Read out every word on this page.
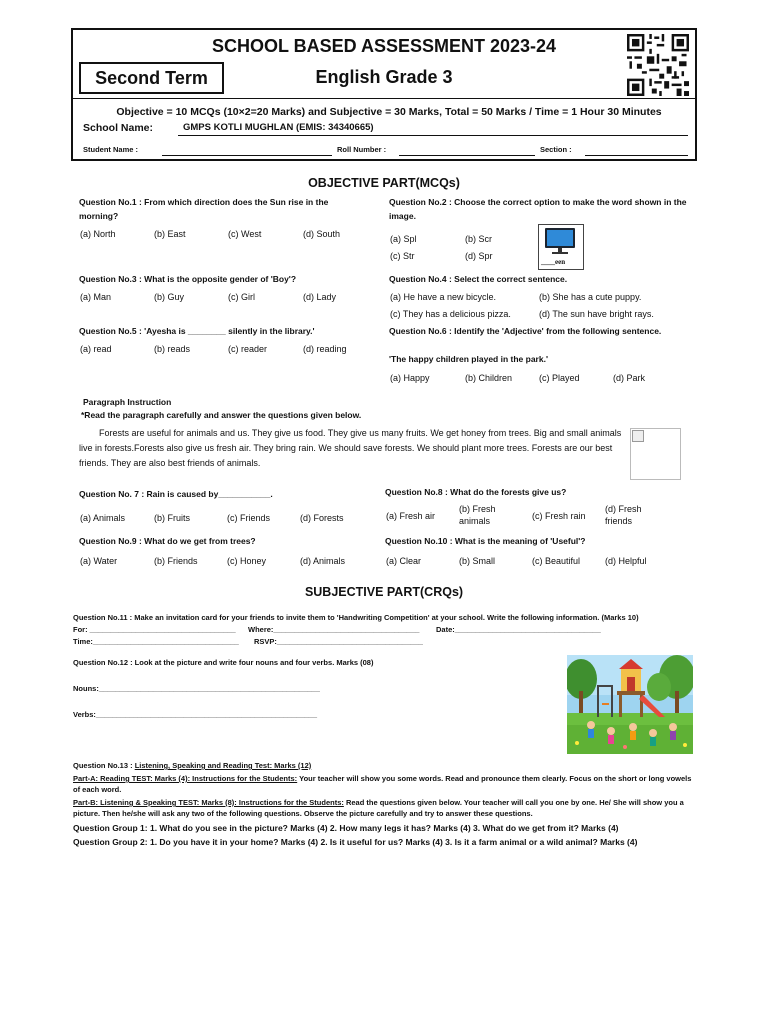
SCHOOL BASED ASSESSMENT 2023-24
Second Term	English Grade 3
Objective = 10 MCQs (10×2=20 Marks) and Subjective = 30 Marks, Total = 50 Marks / Time = 1 Hour 30 Minutes
School Name:	GMPS KOTLI MUGHLAN (EMIS: 34340665)
Student Name :	Roll Number :	Section :
OBJECTIVE PART(MCQs)
Question No.1 : From which direction does the Sun rise in the morning?
(a) North	(b) East	(c) West	(d) South
Question No.2 : Choose the correct option to make the word shown in the image.
(a) Spl	(b) Scr
(c) Str	(d) Spr
____een
Question No.3 : What is the opposite gender of 'Boy'?
(a) Man	(b) Guy	(c) Girl	(d) Lady
Question No.4 : Select the correct sentence.
(a) He have a new bicycle.	(b) She has a cute puppy.
(c) They has a delicious pizza.	(d) The sun have bright rays.
Question No.5 : 'Ayesha is ________ silently in the library.'
(a) read	(b) reads	(c) reader	(d) reading
Question No.6 : Identify the 'Adjective' from the following sentence.
'The happy children played in the park.'
(a) Happy	(b) Children	(c) Played	(d) Park
Paragraph Instruction
*Read the paragraph carefully and answer the questions given below.
Forests are useful for animals and us. They give us food. They give us many fruits. We get honey from trees. Big and small animals live in forests.Forests also give us fresh air. They bring rain. We should save forests. We should plant more trees. Forests are our best friends. They are also best friends of animals.
Question No. 7 : Rain is caused by___________.
(a) Animals	(b) Fruits	(c) Friends	(d) Forests
Question No.8 : What do the forests give us?
(a) Fresh air
(b) Fresh animals	(c) Fresh rain
(d) Fresh friends
Question No.9 : What do we get from trees?
(a) Water	(b) Friends	(c) Honey	(d) Animals
Question No.10 : What is the meaning of 'Useful'?
(a) Clear	(b) Small	(c) Beautiful	(d) Helpful
SUBJECTIVE PART(CRQs)
Question No.11 : Make an invitation card for your friends to invite them to 'Handwriting Competition' at your school. Write the following information. (Marks 10)
For: ___________________________________ Where:___________________________________ Date:___________________________________
Time:___________________________________ RSVP:___________________________________
Question No.12 : Look at the picture and write four nouns and four verbs. Marks (08)
Nouns:_____________________________________________________
Verbs:_____________________________________________________
Question No.13 : Listening, Speaking and Reading Test: Marks (12)
Part-A: Reading TEST: Marks (4): Instructions for the Students: Your teacher will show you some words. Read and pronounce them clearly. Focus on the short or long vowels of each word.
Part-B: Listening & Speaking TEST: Marks (8): Instructions for the Students: Read the questions given below. Your teacher will call you one by one. He/ She will show you a picture. Then he/she will ask any two of the following questions. Observe the picture carefully and try to answer these questions.
Question Group 1: 1. What do you see in the picture? Marks (4) 2. How many legs it has? Marks (4) 3. What do we get from it? Marks (4)
Question Group 2: 1. Do you have it in your home? Marks (4) 2. Is it useful for us? Marks (4) 3. Is it a farm animal or a wild animal? Marks (4)
